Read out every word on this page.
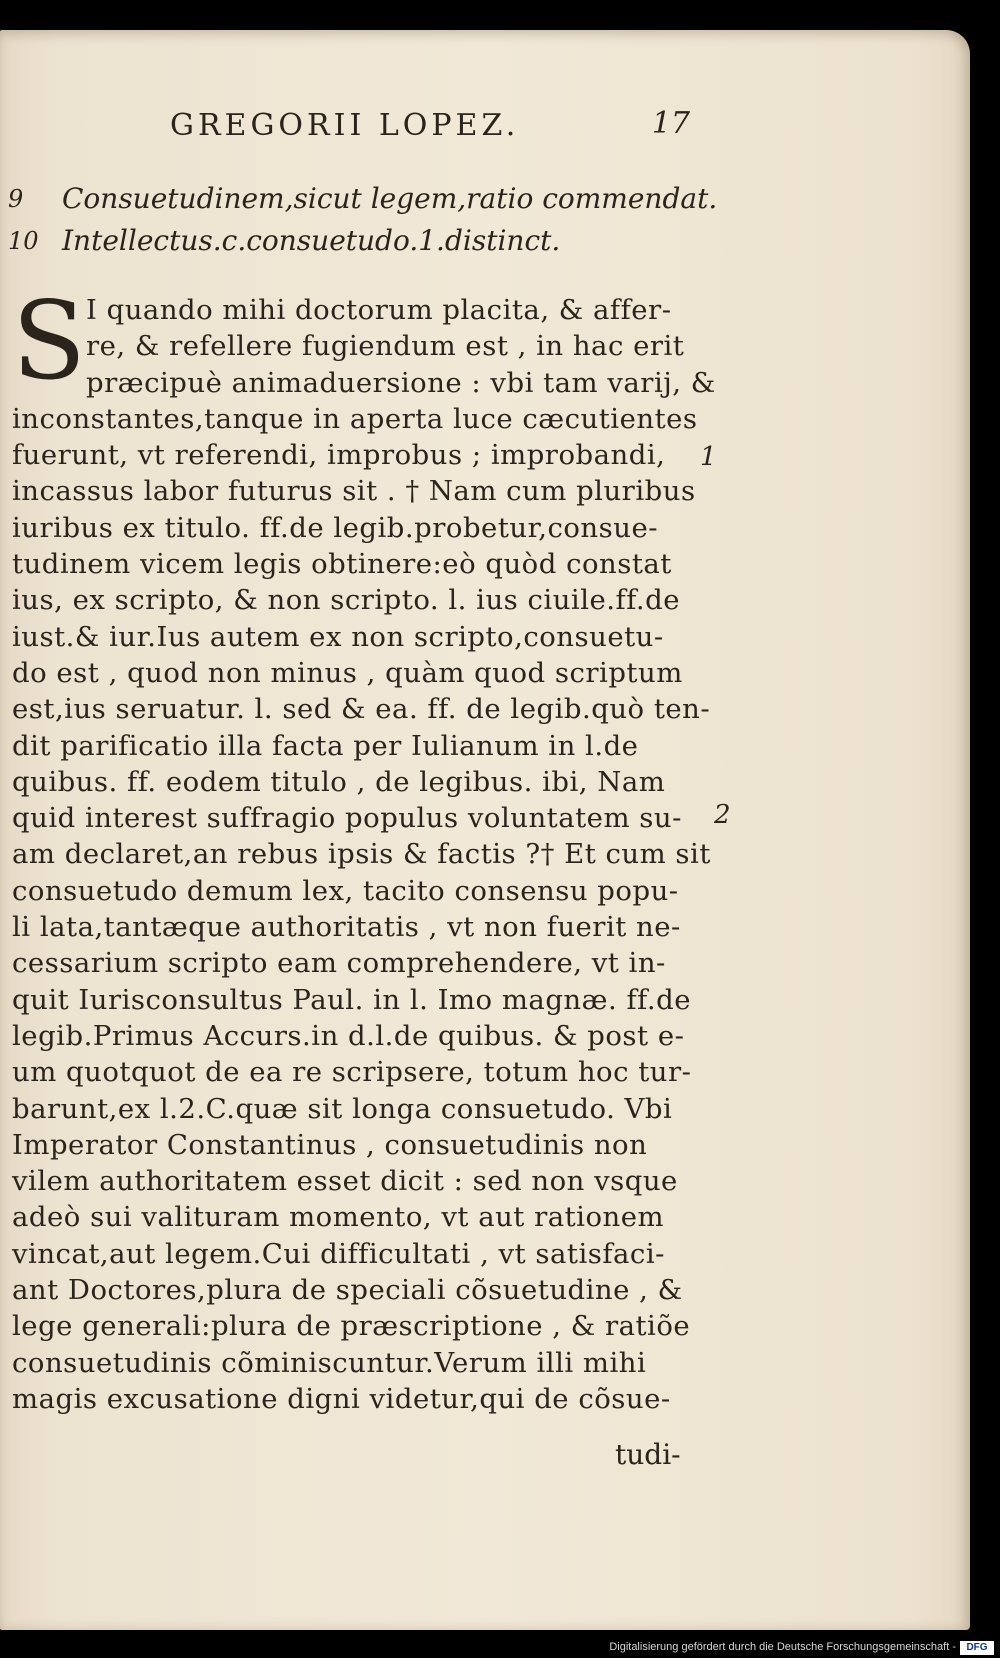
GREGORII LOPEZ.	17
9	Consuetudinem,sicut legem,ratio commendat.
10 Intellectus.c.consuetudo.1.distinct.
S I quando mihi doctorum placita, & affer-
re, & refellere fugiendum est , in hac erit
præcipuè animaduersione : vbi tam varij, &
inconstantes,tanque in aperta luce cæcutientes
fuerunt, vt referendi, improbus ; improbandi,
incassus labor futurus sit . † Nam cum pluribus
iuribus ex titulo. ff.de legib.probetur,consue-
tudinem vicem legis obtinere:eò quòd constat
ius, ex scripto, & non scripto. l. ius ciuile.ff.de
iust.& iur.Ius autem ex non scripto,consuetu-
do est , quod non minus , quàm quod scriptum
est,ius seruatur. l. sed & ea. ff. de legib.quò ten-
dit parificatio illa facta per Iulianum in l.de
quibus. ff. eodem titulo , de legibus. ibi, Nam
quid interest suffragio populus voluntatem su-
am declaret,an rebus ipsis & factis ?† Et cum sit
consuetudo demum lex, tacito consensu popu-
li lata,tantæque authoritatis , vt non fuerit ne-
cessarium scripto eam comprehendere, vt in-
quit Iurisconsultus Paul. in l. Imo magnæ. ff.de
legib.Primus Accurs.in d.l.de quibus. & post e-
um quotquot de ea re scripsere, totum hoc tur-
barunt,ex l.2.C.quæ sit longa consuetudo. Vbi
Imperator Constantinus , consuetudinis non
vilem authoritatem esset dicit : sed non vsque
adeò sui valituram momento, vt aut rationem
vincat,aut legem.Cui difficultati , vt satisfaci-
ant Doctores,plura de speciali cõsuetudine , &
lege generali:plura de præscriptione , & ratiõe
consuetudinis cõminiscuntur.Verum illi mihi
magis excusatione digni videtur,qui de cõsue-
1
2
tudi-
Digitalisierung gefördert durch die Deutsche Forschungsgemeinschaft -	DFG
